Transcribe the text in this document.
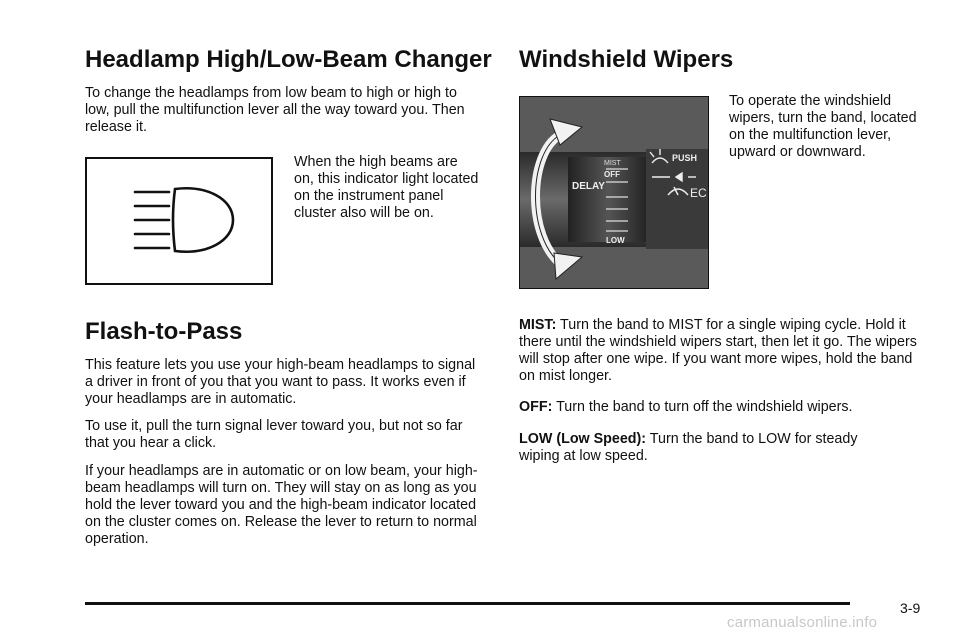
Headlamp High/Low-Beam Changer

To change the headlamps from low beam to high or high to low, pull the multifunction lever all the way toward you. Then release it.

When the high beams are on, this indicator light located on the instrument panel cluster also will be on.

Flash-to-Pass

This feature lets you use your high-beam headlamps to signal a driver in front of you that you want to pass. It works even if your headlamps are in automatic.

To use it, pull the turn signal lever toward you, but not so far that you hear a click.

If your headlamps are in automatic or on low beam, your high-beam headlamps will turn on. They will stay on as long as you hold the lever toward you and the high-beam indicator located on the cluster comes on. Release the lever to return to normal operation.

Windshield Wipers
MIST
OFF
DELAY
LOW
PUSH
EC

To operate the windshield wipers, turn the band, located on the multifunction lever, upward or downward.

MIST: Turn the band to MIST for a single wiping cycle. Hold it there until the windshield wipers start, then let it go. The wipers will stop after one wipe. If you want more wipes, hold the band on mist longer.

OFF: Turn the band to turn off the windshield wipers.

LOW (Low Speed): Turn the band to LOW for steady wiping at low speed.

3-9
carmanualsonline.info
